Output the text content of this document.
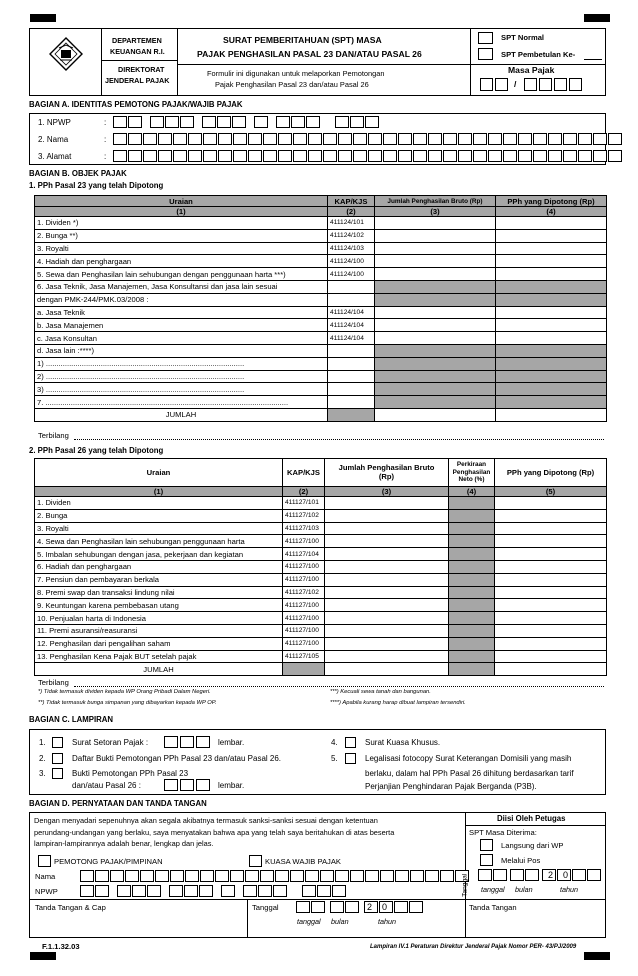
DEPARTEMEN
KEUANGAN R.I.
DIREKTORAT
JENDERAL PAJAK
SURAT PEMBERITAHUAN (SPT) MASA
PAJAK PENGHASILAN PASAL 23 DAN/ATAU PASAL 26
Formulir ini digunakan untuk melaporkan Pemotongan
Pajak Penghasilan Pasal 23 dan/atau Pasal 26
SPT Normal
SPT Pembetulan Ke-
Masa Pajak
/
BAGIAN A. IDENTITAS PEMOTONG PAJAK/WAJIB PAJAK
1. NPWP	:
2. Nama	:
3. Alamat	:
BAGIAN B. OBJEK PAJAK
1. PPh Pasal 23 yang telah Dipotong
Uraian	KAP/KJS	Jumlah Penghasilan Bruto (Rp)	PPh yang Dipotong (Rp)
(1)	(2)	(3)	(4)
1. Dividen *)	411124/101		
2. Bunga **)	411124/102		
3. Royalti	411124/103		
4. Hadiah dan penghargaan	411124/100		
5. Sewa dan Penghasilan lain sehubungan dengan penggunaan harta ***)	411124/100		
6. Jasa Teknik, Jasa Manajemen, Jasa Konsultansi dan jasa lain sesuai			
dengan PMK-244/PMK.03/2008 :			
a. Jasa Teknik	411124/104		
b. Jasa Manajemen	411124/104		
c. Jasa Konsultan	411124/104		
d. Jasa lain :****)			
1) ..............................................................................................			
2) ..............................................................................................			
3) ..............................................................................................			
7. ...................................................................................................................			
JUMLAH			
Terbilang
2. PPh Pasal 26 yang telah Dipotong
Uraian	KAP/KJS	Jumlah Penghasilan Bruto (Rp)	Perkiraan Penghasilan Neto (%)	PPh yang Dipotong (Rp)
(1)	(2)	(3)	(4)	(5)
1. Dividen	411127/101			
2. Bunga	411127/102			
3. Royalti	411127/103			
4. Sewa dan Penghasilan lain sehubungan penggunaan harta	411127/100			
5. Imbalan sehubungan dengan jasa, pekerjaan dan kegiatan	411127/104			
6. Hadiah dan penghargaan	411127/100			
7. Pensiun dan pembayaran berkala	411127/100			
8. Premi swap dan transaksi lindung nilai	411127/102			
9. Keuntungan karena pembebasan utang	411127/100			
10. Penjualan harta di Indonesia	411127/100			
11. Premi asuransi/reasuransi	411127/100			
12. Penghasilan dari pengalihan saham	411127/100			
13. Penghasilan Kena Pajak BUT setelah pajak	411127/105			
JUMLAH				
Terbilang
*) Tidak termasuk dividen kepada WP Orang Pribadi Dalam Negeri.
**) Tidak termasuk bunga simpanan yang dibayarkan kepada WP OP.
***) Kecuali sewa tanah dan bangunan.
****) Apabila kurang harap dibuat lampiran tersendiri.
BAGIAN C. LAMPIRAN
1.	Surat Setoran Pajak :	lembar.
2.	Daftar Bukti Pemotongan PPh Pasal 23 dan/atau Pasal 26.
3.	Bukti Pemotongan PPh Pasal 23
dan/atau Pasal 26 :	lembar.
4.	Surat Kuasa Khusus.
5.	Legalisasi fotocopy Surat Keterangan Domisili yang masih
berlaku, dalam hal PPh Pasal 26 dihitung berdasarkan tarif
Perjanjian Penghindaran Pajak Berganda (P3B).
BAGIAN D. PERNYATAAN DAN TANDA TANGAN
Dengan menyadari sepenuhnya akan segala akibatnya termasuk sanksi-sanksi sesuai dengan ketentuan
perundang-undangan yang berlaku, saya menyatakan bahwa apa yang telah saya beritahukan di atas beserta
lampiran-lampirannya adalah benar, lengkap dan jelas.
PEMOTONG PAJAK/PIMPINAN	KUASA WAJIB PAJAK
Nama
NPWP
Tanda Tangan & Cap	Tanggal	2 0
tanggal bulan	tahun
Diisi Oleh Petugas
SPT Masa Diterima:
Langsung dari WP
Melalui Pos
Tanggal	2 0
tanggal bulan	tahun
Tanda Tangan
F.1.1.32.03	Lampiran IV.1 Peraturan Direktur Jenderal Pajak Nomor PER- 43/PJ/2009
